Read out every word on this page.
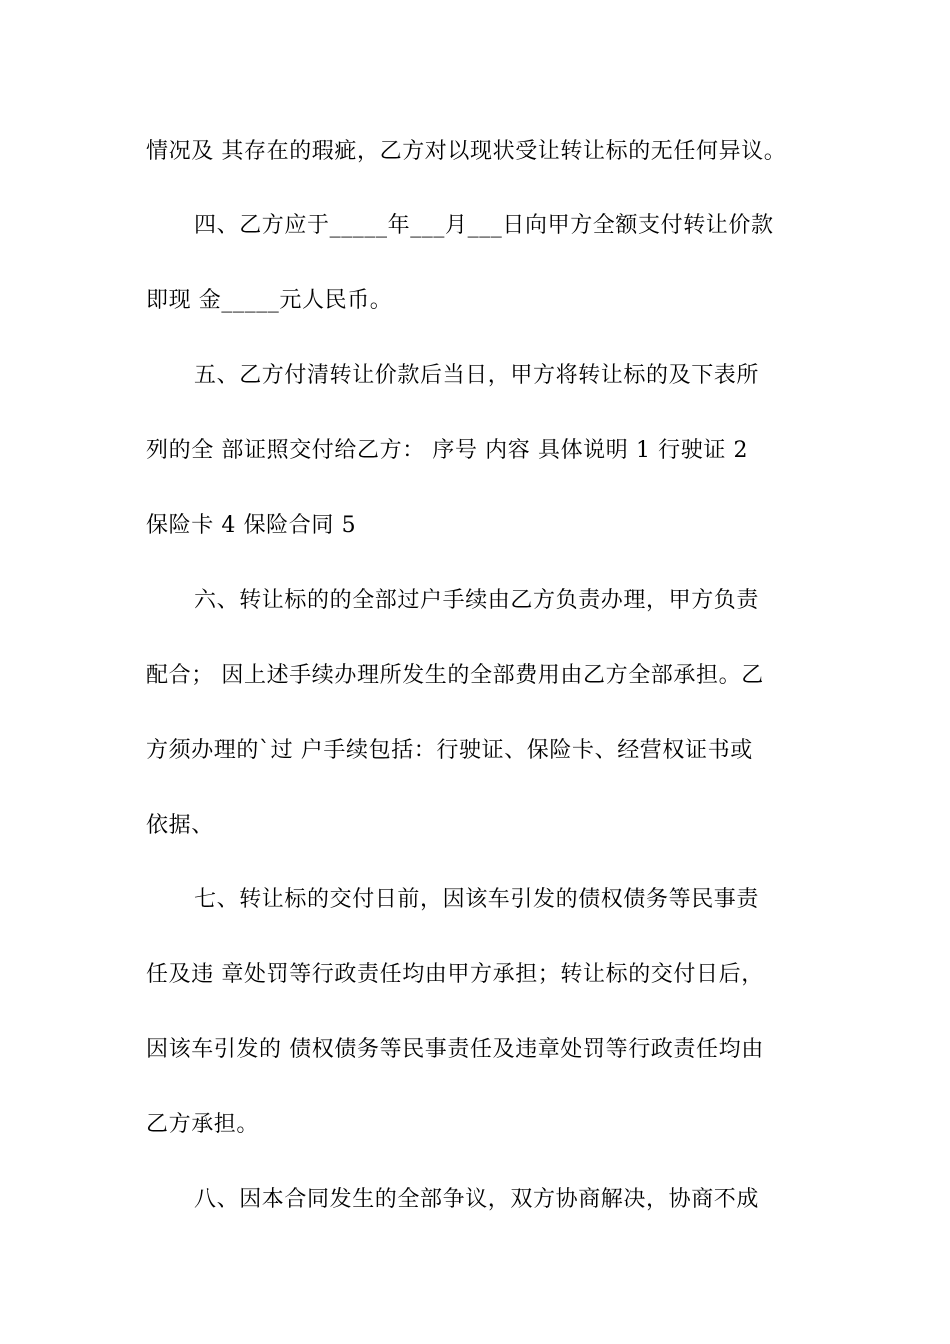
情况及 其存在的瑕疵，乙方对以现状受让转让标的无任何异议。

四、乙方应于_____年___月___日向甲方全额支付转让价款

即现 金_____元人民币。

五、乙方付清转让价款后当日，甲方将转让标的及下表所

列的全 部证照交付给乙方： 序号 内容 具体说明 1 行驶证 2

保险卡 4 保险合同 5

六、转让标的的全部过户手续由乙方负责办理，甲方负责

配合； 因上述手续办理所发生的全部费用由乙方全部承担。乙

方须办理的`过 户手续包括：行驶证、保险卡、经营权证书或

依据、

七、转让标的交付日前，因该车引发的债权债务等民事责

任及违 章处罚等行政责任均由甲方承担；转让标的交付日后，

因该车引发的 债权债务等民事责任及违章处罚等行政责任均由

乙方承担。

八、因本合同发生的全部争议，双方协商解决，协商不成
